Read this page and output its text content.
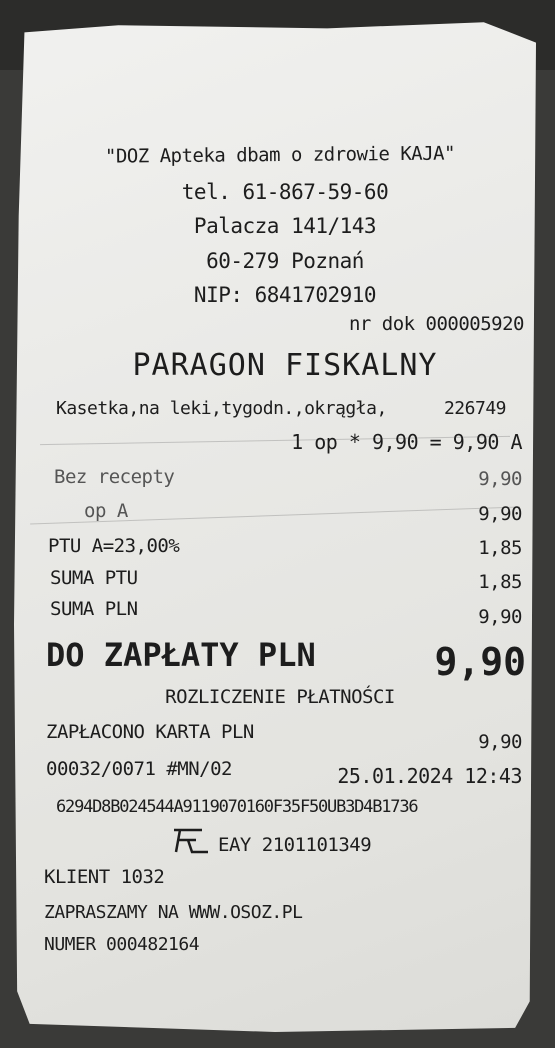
"DOZ Apteka dbam o zdrowie KAJA"
tel. 61-867-59-60
Palacza 141/143
60-279 Poznań
NIP: 6841702910
nr dok 000005920
PARAGON FISKALNY
Kasetka,na leki,tygodn.,okrągła,	226749
1 op * 9,90 = 9,90 A
Bez recepty	9,90
op A	9,90
PTU A=23,00%	1,85
SUMA PTU	1,85
SUMA PLN	9,90
DO ZAPŁATY PLN	9,90
ROZLICZENIE PŁATNOŚCI
ZAPŁACONO KARTA PLN	9,90
00032/0071 #MN/02	25.01.2024 12:43
6294D8B024544A9119070160F35F50UB3D4B1736
EAY 2101101349
KLIENT 1032
ZAPRASZAMY NA WWW.OSOZ.PL
NUMER 000482164
